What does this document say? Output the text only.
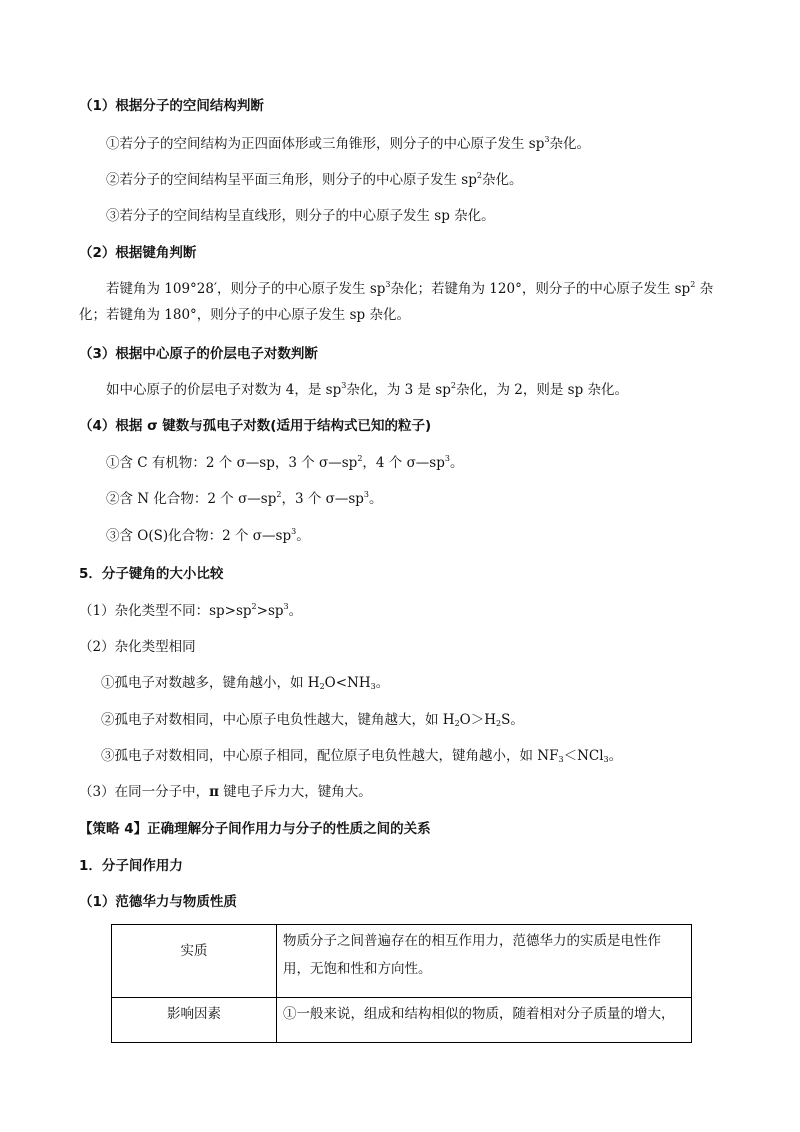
（1）根据分子的空间结构判断
①若分子的空间结构为正四面体形或三角锥形，则分子的中心原子发生 $sp^3$杂化。
②若分子的空间结构呈平面三角形，则分子的中心原子发生 $sp^2$杂化。
③若分子的空间结构呈直线形，则分子的中心原子发生 sp 杂化。
（2）根据键角判断
若键角为 109°28′，则分子的中心原子发生 $sp^3$杂化；若键角为 120°，则分子的中心原子发生 $sp^2$ 杂
化；若键角为 180°，则分子的中心原子发生 sp 杂化。
（3）根据中心原子的价层电子对数判断
如中心原子的价层电子对数为 4，是 $sp^3$杂化，为 3 是 $sp^2$杂化，为 2，则是 sp 杂化。
（4）根据 σ 键数与孤电子对数(适用于结构式已知的粒子)
①含 C 有机物：2 个 σ—sp，3 个 $\sigma—sp^2$，4 个 $\sigma—sp^3$。
②含 N 化合物：2 个 $\sigma—sp^2$，3 个 $\sigma—sp^3$。
③含 O(S)化合物：2 个 $\sigma—sp^3$。
5．分子键角的大小比较
（1）杂化类型不同：$sp>sp^2>sp^3$。
（2）杂化类型相同
①孤电子对数越多，键角越小，如 $H_2O<NH_3$。
②孤电子对数相同，中心原子电负性越大，键角越大，如 $H_2O>H_2S$。
③孤电子对数相同，中心原子相同，配位原子电负性越大，键角越小，如 $NF_3<NCl_3$。
（3）在同一分子中，π 键电子斥力大，键角大。
【策略 4】正确理解分子间作用力与分子的性质之间的关系
1．分子间作用力
（1）范德华力与物质性质
实质	物质分子之间普遍存在的相互作用力，范德华力的实质是电性作用，无饱和性和方向性。
影响因素	①一般来说，组成和结构相似的物质，随着相对分子质量的增大，
